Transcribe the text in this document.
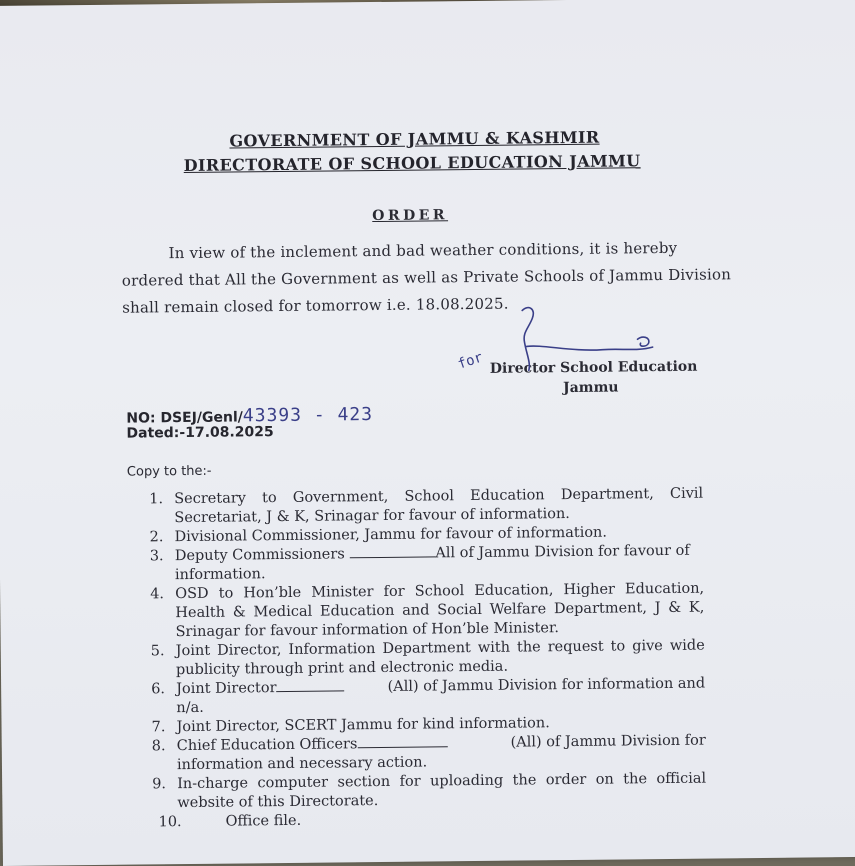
GOVERNMENT OF JAMMU & KASHMIR
DIRECTORATE OF SCHOOL EDUCATION JAMMU
ORDER
In view of the inclement and bad weather conditions, it is hereby
ordered that All the Government as well as Private Schools of Jammu Division
shall remain closed for tomorrow i.e. 18.08.2025.
for Director School Education
Jammu
NO: DSEJ/Genl/43393 - 423
Dated:-17.08.2025
Copy to the:-
1. Secretary to Government, School Education Department, Civil
Secretariat, J & K, Srinagar for favour of information.
2. Divisional Commissioner, Jammu for favour of information.
3. Deputy Commissioners	All of Jammu Division for favour of
information.
4. OSD to Hon’ble Minister for School Education, Higher Education,
Health & Medical Education and Social Welfare Department, J & K,
Srinagar for favour information of Hon’ble Minister.
5. Joint Director, Information Department with the request to give wide
publicity through print and electronic media.
6. Joint Director	(All) of Jammu Division for information and
n/a.
7. Joint Director, SCERT Jammu for kind information.
8. Chief Education Officers	(All) of Jammu Division for
information and necessary action.
9. In-charge computer section for uploading the order on the official
website of this Directorate.
10.	Office file.
